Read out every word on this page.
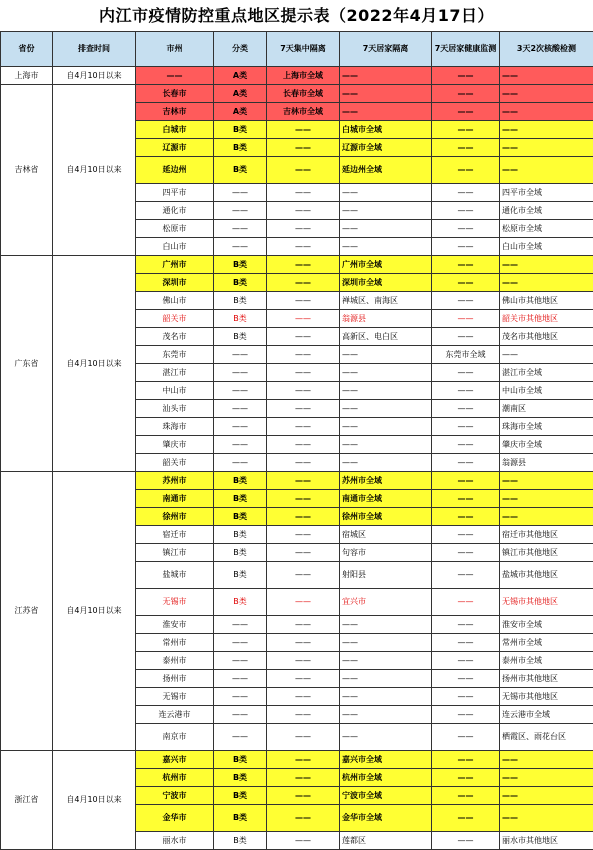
内江市疫情防控重点地区提示表（2022年4月17日）
省份	排查时间	市州	分类	7天集中隔离	7天居家隔离	7天居家健康监测	3天2次核酸检测
上海市	自4月10日以来	——	A类	上海市全域	——	——	——
吉林省	自4月10日以来	长春市	A类	长春市全域	——	——	——
		吉林市	A类	吉林市全域	——	——	——
		白城市	B类	——	白城市全域	——	——
		辽源市	B类	——	辽源市全域	——	——
		延边州	B类	——	延边州全域	——	——
		四平市	——	——	——	——	四平市全域
		通化市	——	——	——	——	通化市全域
		松原市	——	——	——	——	松原市全域
		白山市	——	——	——	——	白山市全域
广东省	自4月10日以来	广州市	B类	——	广州市全域	——	——
		深圳市	B类	——	深圳市全域	——	——
		佛山市	B类	——	禅城区、南海区	——	佛山市其他地区
		韶关市	B类	——	翁源县	——	韶关市其他地区
		茂名市	B类	——	高新区、电白区	——	茂名市其他地区
		东莞市	——	——	——	东莞市全域	——
		湛江市	——	——	——	——	湛江市全域
		中山市	——	——	——	——	中山市全域
		汕头市	——	——	——	——	潮南区
		珠海市	——	——	——	——	珠海市全域
		肇庆市	——	——	——	——	肇庆市全域
		韶关市	——	——	——	——	翁源县
江苏省	自4月10日以来	苏州市	B类	——	苏州市全域	——	——
		南通市	B类	——	南通市全域	——	——
		徐州市	B类	——	徐州市全域	——	——
		宿迁市	B类	——	宿城区	——	宿迁市其他地区
		镇江市	B类	——	句容市	——	镇江市其他地区
		盐城市	B类	——	射阳县	——	盐城市其他地区
		无锡市	B类	——	宜兴市	——	无锡市其他地区
		淮安市	——	——	——	——	淮安市全域
		常州市	——	——	——	——	常州市全域
		泰州市	——	——	——	——	泰州市全域
		扬州市	——	——	——	——	扬州市其他地区
		无锡市	——	——	——	——	无锡市其他地区
		连云港市	——	——	——	——	连云港市全域
		南京市	——	——	——	——	栖霞区、雨花台区
浙江省	自4月10日以来	嘉兴市	B类	——	嘉兴市全域	——	——
		杭州市	B类	——	杭州市全域	——	——
		宁波市	B类	——	宁波市全域	——	——
		金华市	B类	——	金华市全域	——	——
		丽水市	B类	——	莲都区	——	丽水市其他地区
